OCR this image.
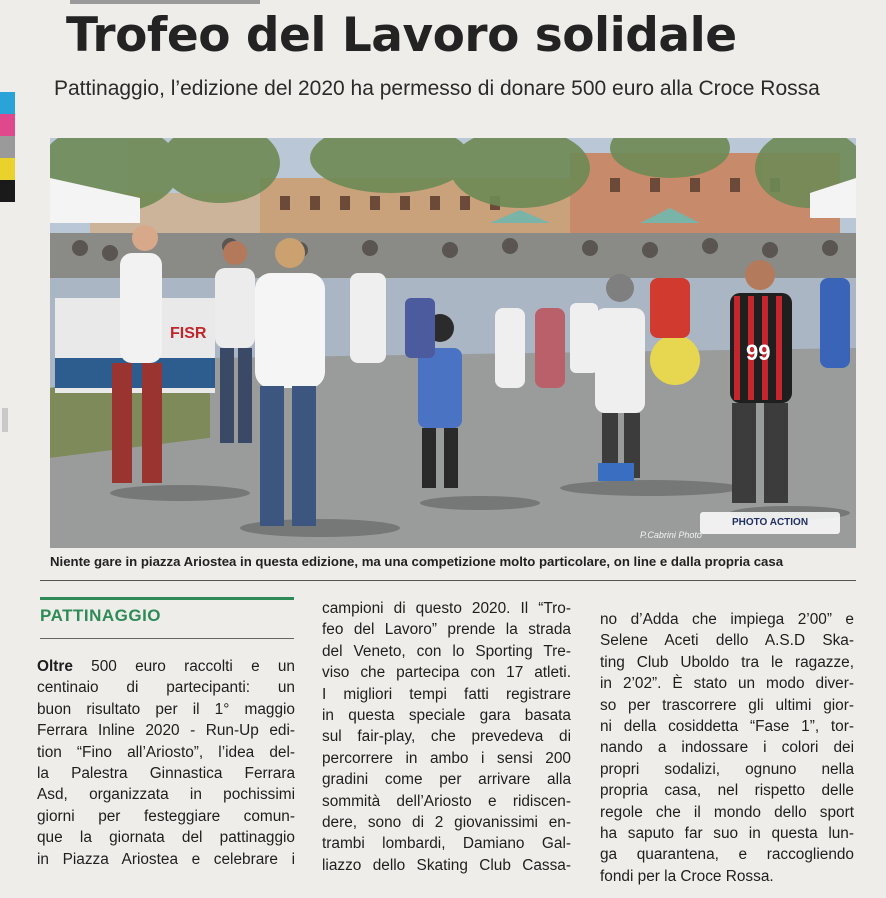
Trofeo del Lavoro solidale

Pattinaggio, l’edizione del 2020 ha permesso di donare 500 euro alla Croce Rossa

FISR
99
PHOTO ACTION
P.Cabrini Photo

Niente gare in piazza Ariostea in questa edizione, ma una competizione molto particolare, on line e dalla propria casa

PATTINAGGIO

Oltre 500 euro raccolti e un
centinaio di partecipanti: un
buon risultato per il 1° maggio
Ferrara Inline 2020 - Run-Up edi-
tion “Fino all’Ariosto”, l’idea del-
la Palestra Ginnastica Ferrara
Asd, organizzata in pochissimi
giorni per festeggiare comun-
que la giornata del pattinaggio
in Piazza Ariostea e celebrare i
campioni di questo 2020. Il “Tro-
feo del Lavoro” prende la strada
del Veneto, con lo Sporting Tre-
viso che partecipa con 17 atleti.
I migliori tempi fatti registrare
in questa speciale gara basata
sul fair-play, che prevedeva di
percorrere in ambo i sensi 200
gradini come per arrivare alla
sommità dell’Ariosto e ridiscen-
dere, sono di 2 giovanissimi en-
trambi lombardi, Damiano Gal-
liazzo dello Skating Club Cassa-
no d’Adda che impiega 2’00” e
Selene Aceti dello A.S.D Ska-
ting Club Uboldo tra le ragazze,
in 2’02”. È stato un modo diver-
so per trascorrere gli ultimi gior-
ni della cosiddetta “Fase 1”, tor-
nando a indossare i colori dei
propri sodalizi, ognuno nella
propria casa, nel rispetto delle
regole che il mondo dello sport
ha saputo far suo in questa lun-
ga quarantena, e raccogliendo
fondi per la Croce Rossa.
